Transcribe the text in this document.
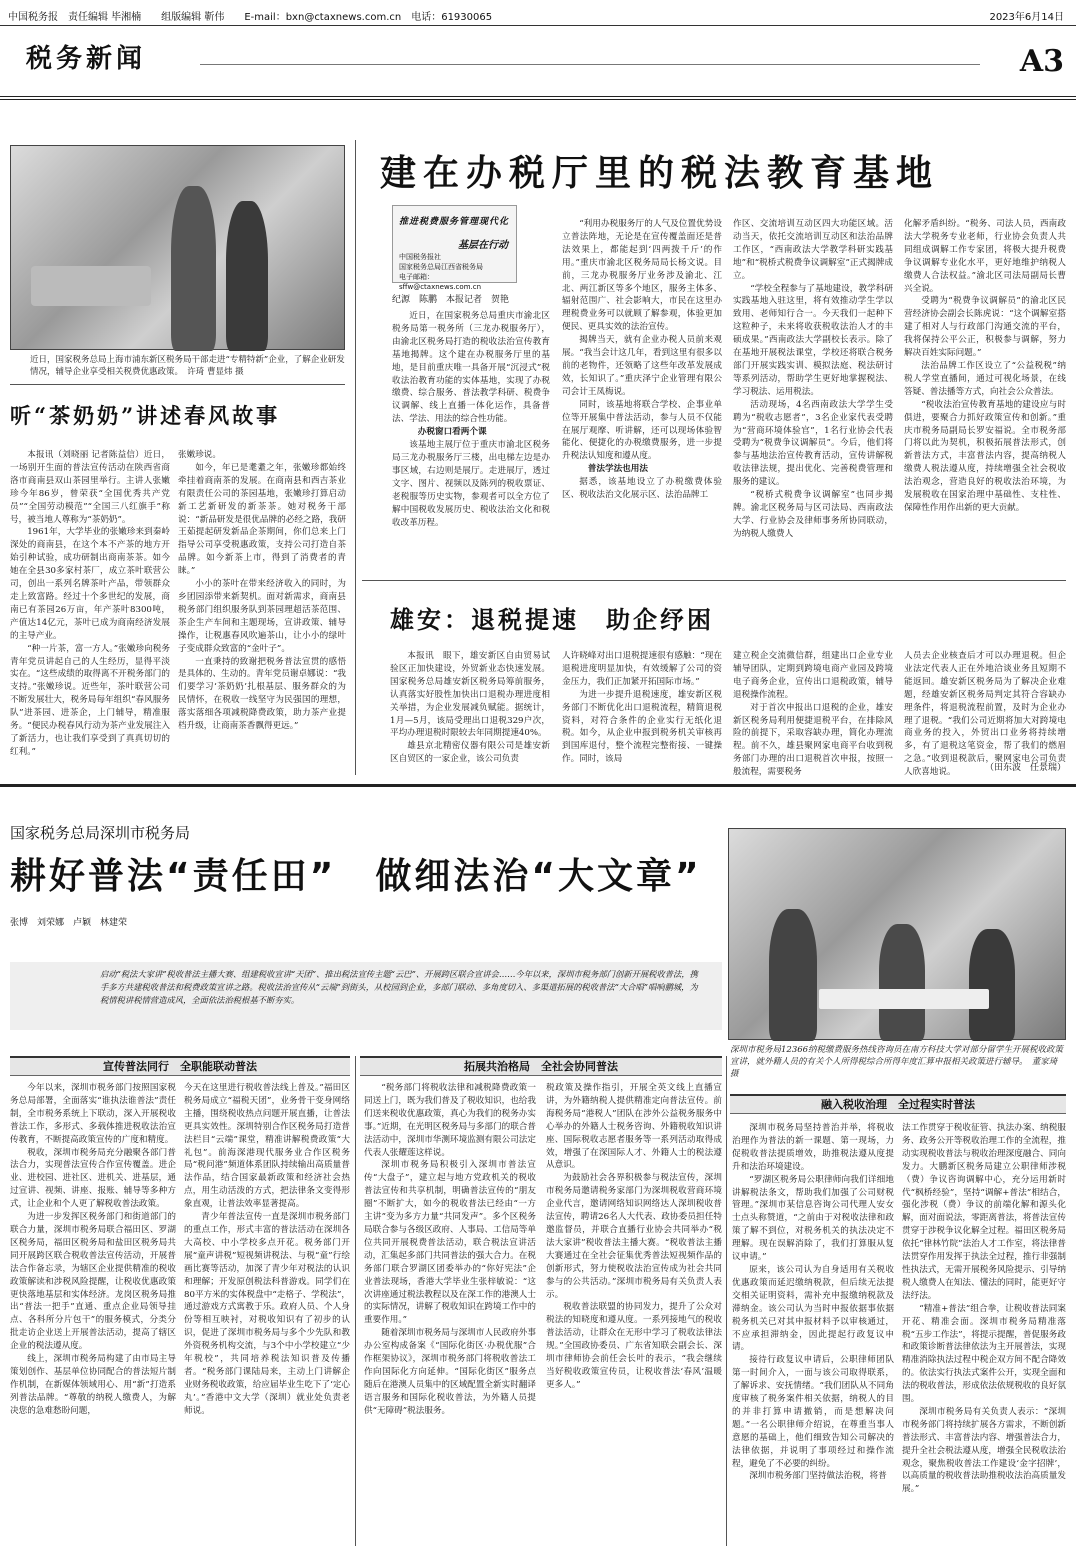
中国税务报　责任编辑 毕湘楠　　组版编辑 靳伟　　E-mail：bxn@ctaxnews.com.cn　电话：61930065	2023年6月14日
税务新闻	A3
近日，国家税务总局上海市浦东新区税务局干部走进“专精特新”企业，了解企业研发情况，辅导企业享受相关税费优惠政策。　许琦 曹显炜 摄
听“茶奶奶”讲述春风故事

本报讯（刘晓丽 记者陈益信）近日，一场别开生面的普法宣传活动在陕西省商洛市商南县双山茶园里举行。主讲人张嫩珍今年86岁，曾荣获“全国优秀共产党员”“全国劳动模范”“全国三八红旗手”称号，被当地人尊称为“茶奶奶”。

1961年，大学毕业的张嫩珍来到秦岭深处的商南县，在这个本不产茶的地方开始引种试验，成功研制出商南茶茶。如今她在全县30多家村茶厂，成立茶叶联营公司，创出一系列名牌茶叶产品，带领群众走上致富路。经过十个多世纪的发展，商南已有茶园26万亩，年产茶叶8300吨，产值达14亿元，茶叶已成为商南经济发展的主导产业。

“种一片茶，富一方人。”张嫩珍向税务青年党员讲起自己的人生经历，显得平淡实在。“这些成绩的取得离不开税务部门的支持。”张嫩珍说。近些年，茶叶联营公司不断发展壮大，税务局每年组织“春风服务队”进茶园、进茶企，上门辅导，精准服务。“便民办税春风行动为茶产业发展注入了新活力，也让我们享受到了真真切切的红利。”

张嫩珍说。

如今，年已是耄耋之年，张嫩珍都始终牵挂着商南茶的发展。在商南县和西吉茶业有限责任公司的茶园基地，张嫩珍打算启动新工艺新研发的新茶茶。她对税务干部说：“新品研发是很优品牌的必经之路，我研王茹提起研发新品企茶期间，你们总来上门指导公司享受税惠政策，支持公司打造自茶品牌。如今新茶上市，得到了消费者的青睐。”

小小的茶叶在带来经济收入的同时，为乡团园添带来新契机。面对新需求，商南县税务部门组织服务队到茶园理超活茶范围、茶企生产车间和主题现场，宣讲政策、辅导操作，让税惠春风吹遍茶山，让小小的绿叶子变成群众致富的“金叶子”。

一直秉持的致谢把税务普法宣贯的感悟是具体的、生动的。青年党员谢卓娜说：“我们要学习‘茶奶奶’扎根基层、服务群众的为民情怀，在税收一线坚守为民强国的理想，落实落细各项减税降费政策，助力茶产业提档升级，让商南茶香飘得更远。”

建在办税厅里的税法教育基地
推进税费服务管理现代化
基层在行动
中国税务报社
国家税务总局江西省税务局
电子邮箱：sffw@ctaxnews.com.cn
纪源　陈鹏　本报记者　贺艳

近日，在国家税务总局重庆市渝北区税务局第一税务所（三龙办税服务厅），由渝北区税务局打造的税收法治宣传教育基地揭牌。这个建在办税服务厅里的基地，是目前重庆唯一具备开展“沉浸式”税收法治教育功能的实体基地，实现了办税缴费、综合服务、普法教学科研、税费争议调解、线上直播一体化运作，具备普法、学法、用法的综合性功能。

办税窗口看两个课

该基地主展厅位于重庆市渝北区税务局三龙办税服务厅三楼，出电梯左边是办事区域，右边则是展厅。走进展厅，透过文字、图片、视频以及陈列的税收票证、老税服等历史实物，参观者可以全方位了解中国税收发展历史、税收法治文化和税收改革历程。

“利用办税服务厅的人气及位置优势设立普法阵地，无论是在宣传覆盖面还是普法效果上，都能起到‘四两拨千斤’的作用。”重庆市渝北区税务局局长杨文说。目前，三龙办税服务厅业务涉及渝北、江北、两江新区等多个地区，服务主体多、辐射范围广、社会影响大，市民在这里办理税费业务可以就顾了解参观，体验更加便民、更具实效的法治宣传。

揭牌当天，就有企业办税人员前来观展。“我当会计这几年，看到这里有很多以前的老物件，还领略了这些年改革发展成效，长知识了。”重庆泽宁企业管理有限公司会计王凤梅说。

同时，该基地将联合学校、企事业单位等开展集中普法活动，参与人员不仅能在展厅观摩、听讲解，还可以现场体验智能化、便捷化的办税缴费服务，进一步提升税法认知度和遵从度。

普法学法也用法

据悉，该基地设立了办税缴费体验区、税收法治文化展示区、法治品牌工

作区、交流培训互动区四大功能区域。活动当天，依托交流培训互动区和法治品牌工作区，“西南政法大学教学科研实践基地”和“税桥式税费争议调解室”正式揭牌成立。

“学校全程参与了基地建设，教学科研实践基地入驻这里，将有效推动学生学以致用、老师知行合一。今天我们一起种下这粒种子，未来将收获税收法治人才的丰硕成果。”西南政法大学副校长表示。除了在基地开展税法课堂，学校还将联合税务部门开展实践实训、模拟法庭、税法研讨等系列活动，帮助学生更好地掌握税法、学习税法、运用税法。

活动现场，4名西南政法大学学生受聘为“税收志愿者”，3名企业家代表受聘为“营商环境体验官”，1名行业协会代表受聘为“税费争议调解员”。今后，他们将参与基地法治宣传教育活动，宣传讲解税收法律法规，提出优化、完善税费管理和服务的建议。

“税桥式税费争议调解室”也同步揭牌。渝北区税务局与区司法局、西南政法大学、行业协会及律师事务所协同联动，为纳税人缴费人

化解矛盾纠纷。“税务、司法人员，西南政法大学税务专业老师，行业协会负责人共同组成调解工作专家团，将极大提升税费争议调解专业化水平，更好地维护纳税人缴费人合法权益。”渝北区司法局副局长曹兴全说。

受聘为“税费争议调解员”的渝北区民营经济协会副会长陈虎说：“这个调解室搭建了相对人与行政部门沟通交流的平台，我将保持公平公正，积极参与调解，努力解决百姓实际问题。”

法治品牌工作区设立了“公益税税”纳税人学堂直播间，通过可视化场景，在线答疑、普法播等方式，向社会公众普法。

“税收法治宣传教育基地的建设应与时俱进，要聚合力抓好政策宣传和创新。”重庆市税务局副局长罗安福说。全市税务部门将以此为契机，积极拓展普法形式，创新普法方式，丰富普法内容，提高纳税人缴费人税法遵从度，持续增强全社会税收法治观念，营造良好的税收法治环境，为发展税收在国家治理中基础性、支柱性、保障性作用作出新的更大贡献。

雄安：退税提速　助企纾困

本报讯　眼下，雄安新区自由贸易试验区正加快建设，外贸新业态快速发展。国家税务总局雄安新区税务局筹前服务，认真落实好股性加快出口退税办理进度相关举措，为企业发展减负赋能。据统计，1月—5月，该局受理出口退税329户次，平均办理退税时限较去年同期提速40%。

雄县京北精密仪器有限公司是雄安新区自贸区的一家企业，该公司负责

人许晓峰对出口退税提速很有感触：“现在退税进度明显加快，有效缓解了公司的资金压力，我们正加紧开拓国际市场。”

为进一步提升退税速度，雄安新区税务部门不断优化出口退税流程，精简退税资料，对符合条件的企业实行无纸化退税。如今，从企业申报到税务机关审核再到国库退付，整个流程完整衔接、一键操作。同时，该局

建立税企交流微信群，组建出口企业专业辅导团队，定期到跨境电商产业园及跨境电子商务企业，宣传出口退税政策，辅导退税操作流程。

对于首次申报出口退税的企业，雄安新区税务局利用便捷退税平台，在排除风险的前提下，采取容缺办理，简化办理流程。前不久，雄县聚网家电商平台收到税务部门办理的出口退税首次申报，按照一般流程，需要税务

人员去企业核查后才可以办理退税。但企业法定代表人正在外地洽谈业务且短期不能返回。雄安新区税务局为了解决企业难题，经雄安新区税务局判定其符合容缺办理条件，将退税流程前置，及时为企业办理了退税。“我们公司近期将加大对跨境电商业务的投入，外贸出口业务将持续增多，有了退税这笔资金，帮了我们的燃眉之急。”收到退税款后，聚网家电公司负责人欣喜地说。	（田东波　任景瑞）
国家税务总局深圳市税务局
耕好普法“责任田”　做细法治“大文章”
张博　刘荣娜　卢颖　林建荣
深圳市税务局12366纳税缴费服务热线咨询员在南方科技大学对部分留学生开展税收政策宣讲，就外籍人员的有关个人所得税综合所得年度汇算申报相关政策进行辅导。　董家琦 摄
启动“税法大家讲”税收普法主播大赛、组建税收宣讲“天团”、推出税法宣传主题“云巴”、开展跨区联合宣讲会……今年以来，深圳市税务部门创新开展税收普法，携手多方共建税收普法和税费政策宣讲之路。税收法治宣传从“云端”到街头，从校园到企业，多部门联动、多角度切入、多渠道拓展的税收普法“大合唱”唱响鹏城，为税情税讲税情营造成风，全面依法治税根基不断夯实。
宣传普法同行　全职能联动普法	拓展共治格局　全社会协同普法
融入税收治理　全过程实时普法

今年以来，深圳市税务部门按照国家税务总局部署，全面落实“谁执法谁普法”责任制，全市税务系统上下联动，深入开展税收普法工作，多形式、多载体推进税收法治宣传教育，不断提高政策宣传的广度和精度。

税收，深圳市税务局充分融聚各部门普法合力，实现普法宣传合作宣传覆盖。进企业、进校园、进社区、进机关、进基层，通过宣讲、视频、讲座、报账、辅导等多种方式，让企业和个人更了解税收普法政策。

为进一步发挥区税务部门和街道部门的联合力量，深圳市税务局联合福田区、罗湖区税务局，福田区税务局和盐田区税务局共同开展跨区联合税收普法宣传活动，开展普法合作备忘录，为辖区企业提供精准的税收政策解读和涉税风险提醒，让税收优惠政策更快落地基层和实体经济。龙岗区税务局推出“普法一把手”直通、重点企业局领导挂点、各科所分片包干”的服务模式，分类分批走访企业送上开展普法活动，提高了辖区企业的税法遵从度。

线上，深圳市税务局构建了由市局主导策划创作、基层单位协同配合的普法短片制作机制，在新媒体领域用心、用“新”打造系列普法品牌。“尊敬的纳税人缴费人，为解决您的急难愁盼问题，

今天在这里进行税收普法线上普及。”福田区税务局成立“福税天团”，业务骨干变身网络主播，围绕税收热点问题开展直播，让普法更具实效性。深圳特别合作区税务局打造普法栏目“云端”课堂，精准讲解税费政策“大礼包”。前海深港现代服务业合作区税务局“税问港”频道体系团队持续输出高质量普法作品，结合国家最新政策和经济社会热点，用生动活泼的方式，把法律条文变得形象直观，让普法效率显著提高。

青少年普法宣传一直是深圳市税务部门的重点工作，形式丰富的普法活动在深圳各大高校、中小学校多点开花。税务部门开展“童声讲税”短视频讲税法、与税“童”行绘画比赛等活动，加深了青少年对税法的认识和理解；开发原创税法科普游戏。同学们在80平方米的实体税盘中“走格子、学税法”，通过游戏方式寓教于乐。政府人员、个人身份等相互映衬，对税收知识有了初步的认识，促进了深圳市税务局与多个少先队和教外资税务机构交流，与3个中小学校建立“少年税校”，共同培养税法知识普及传播者。“税务部门课陆局来，主动上门讲解企业财务税收政策，给应届毕业生吃下了‘定心丸’。”香港中文大学（深圳）就业处负责老师说。

“税务部门将税收法律和减税降费政策一同送上门，既为我们普及了税收知识，也给我们送来税收优惠政策，真心为我们的税务办实事。”近期，在光明区税务局与多部门的联合普法活动中，深圳市华测环境监测有限公司法定代表人张耀莲这样说。

深圳市税务局积极引入深圳市普法宣传“大盘子”，建立起与地方党政机关的税收普法宣传和共享机制，明确普法宣传的“朋友圈”不断扩大，如今的税收普法已经由“一方主讲”变为多方力量“共同发声”。多个区税务局联合参与各级区政府、人事局、工信局等单位共同开展税费普法活动，联合税法宣讲活动，汇集起多部门共同普法的强大合力。在税务部门联合罗湖区团委举办的“你好宪法”企业普法现场，香港大学毕业生张梓敏说：“这次讲座通过税法教程以及在深工作的港澳人士的实际情况，讲解了税收知识在跨境工作中的重要作用。”

随着深圳市税务局与深圳市人民政府外事办公室构成备案《“国际化街区·办税优服”合作框架协议》，深圳市税务部门将税收普法工作向国际化方向延伸。“国际化街区”服务点随后在港澳人员集中的区域配置全新实时翻译语言服务和国际化税收普法，为外籍人员提供“无障碍”税法服务。

税政策及操作指引，开展全英文线上直播宣讲，为外籍纳税人提供精准定向普法宣传。前海税务局“港税人”团队在涉外公益税务服务中心举办的外籍人士税务咨询、外籍税收知识讲座、国际税收志愿者服务等一系列活动取得成效，增强了在深国际人才、外籍人士的税法遵从意识。

为鼓励社会各界积极参与税法宣传，深圳市税务局邀请税务家部门为深圳税收营商环境企业代言，邀请网络知识网络达人深圳税收普法宣传，聘请26名人大代表、政协委员担任特邀监督员，并联合直播行业协会共同举办“税法大家讲”税收普法主播大赛。“税收普法主播大赛通过在全社会征集优秀普法短视频作品的创新形式，努力使税收法治宣传成为社会共同参与的公共活动。”深圳市税务局有关负责人表示。

税收普法联盟的协同发力，提升了公众对税法的知晓度和遵从度。一系列接地气的税收普法活动，让群众在无形中学习了税收法律法规。”全国政协委员、广东省知联会副会长、深圳市律师协会前任会长叶的表示，“我会继续当好税收政策宣传员，让税收普法‘春风’温暖更多人。”

深圳市税务局坚持普治并举，将税收治理作为普法的新一课题、第一现场，力促税收普法提质增效，助推税法遵从度提升和法治环境建设。

“罗湖区税务局公职律师向我们详细地讲解税法条文，帮助我们加强了公司财税管理。”深圳市某信息咨询公司代理人安女士点头称赞道，“之前由于对税收法律和政策了解不到位，对税务机关的执法决定不理解。现在误解消除了，我们打算服从复议申请。”

原来，该公司认为自身适用有关税收优惠政策而延迟缴纳税款，但后续无法提交相关证明资料，需补充申报缴纳税款及滞纳金。该公司认为当时申报依据事依据税务机关已对其申报材料予以审核通过，不应承担滞纳金，因此提起行政复议申请。

接待行政复议申请后，公职律师团队第一时间介入，一面与该公司取得联系，了解诉求、安抚情绪。“我们团队从不同角度审核了税务案件相关依据，纳税人的目的并非打算申请撤销，而是想解决问题。”一名公职律师介绍说，在尊重当事人意愿的基础上，他们细致告知公司解决的法律依据，并说明了事项经过和操作流程，避免了不必要的纠纷。

深圳市税务部门坚持做法治税，将普

法工作贯穿于税收征管、执法办案、纳税服务、政务公开等税收治理工作的全流程，推动实现税收普法与税收治理深度融合、同向发力。大鹏新区税务局建立公职律师涉税（费）争议咨询调解中心，充分运用新时代“枫桥经验”，坚持“调解+普法”相结合，强化涉税（费）争议的前端化解和源头化解，面对面说法，零距离普法，将普法宣传贯穿于涉税争议化解全过程。福田区税务局依托“律林竹院”法治人才工作室，将法律普法贯穿作用发挥于执法全过程，推行非强制性执法式，无需开展税务风险提示、引导纳税人缴费人在知法、懂法的同时，能更好守法纾法。

“精准+普法”组合拳，让税收普法同案开花、精准会面。深圳市税务局精准落税“五步工作法”，将提示提醒，普促服务政和政策诊断普法律依法为主开展普法，实现精准消除执法过程中税企双方间不配合降效的。依法实行执法式案件公开，实现全面和法的税收普法，形成依法依规税收的良好氛围。

深圳市税务局有关负责人表示：“深圳市税务部门将持续扩展各方需求，不断创新普法形式、丰富普法内容、增强普法合力，提升全社会税法遵从度，增强全民税收法治观念，聚焦税收普法工作建设‘金字招牌’，以高质量的税收普法助推税收法治高质量发展。”
